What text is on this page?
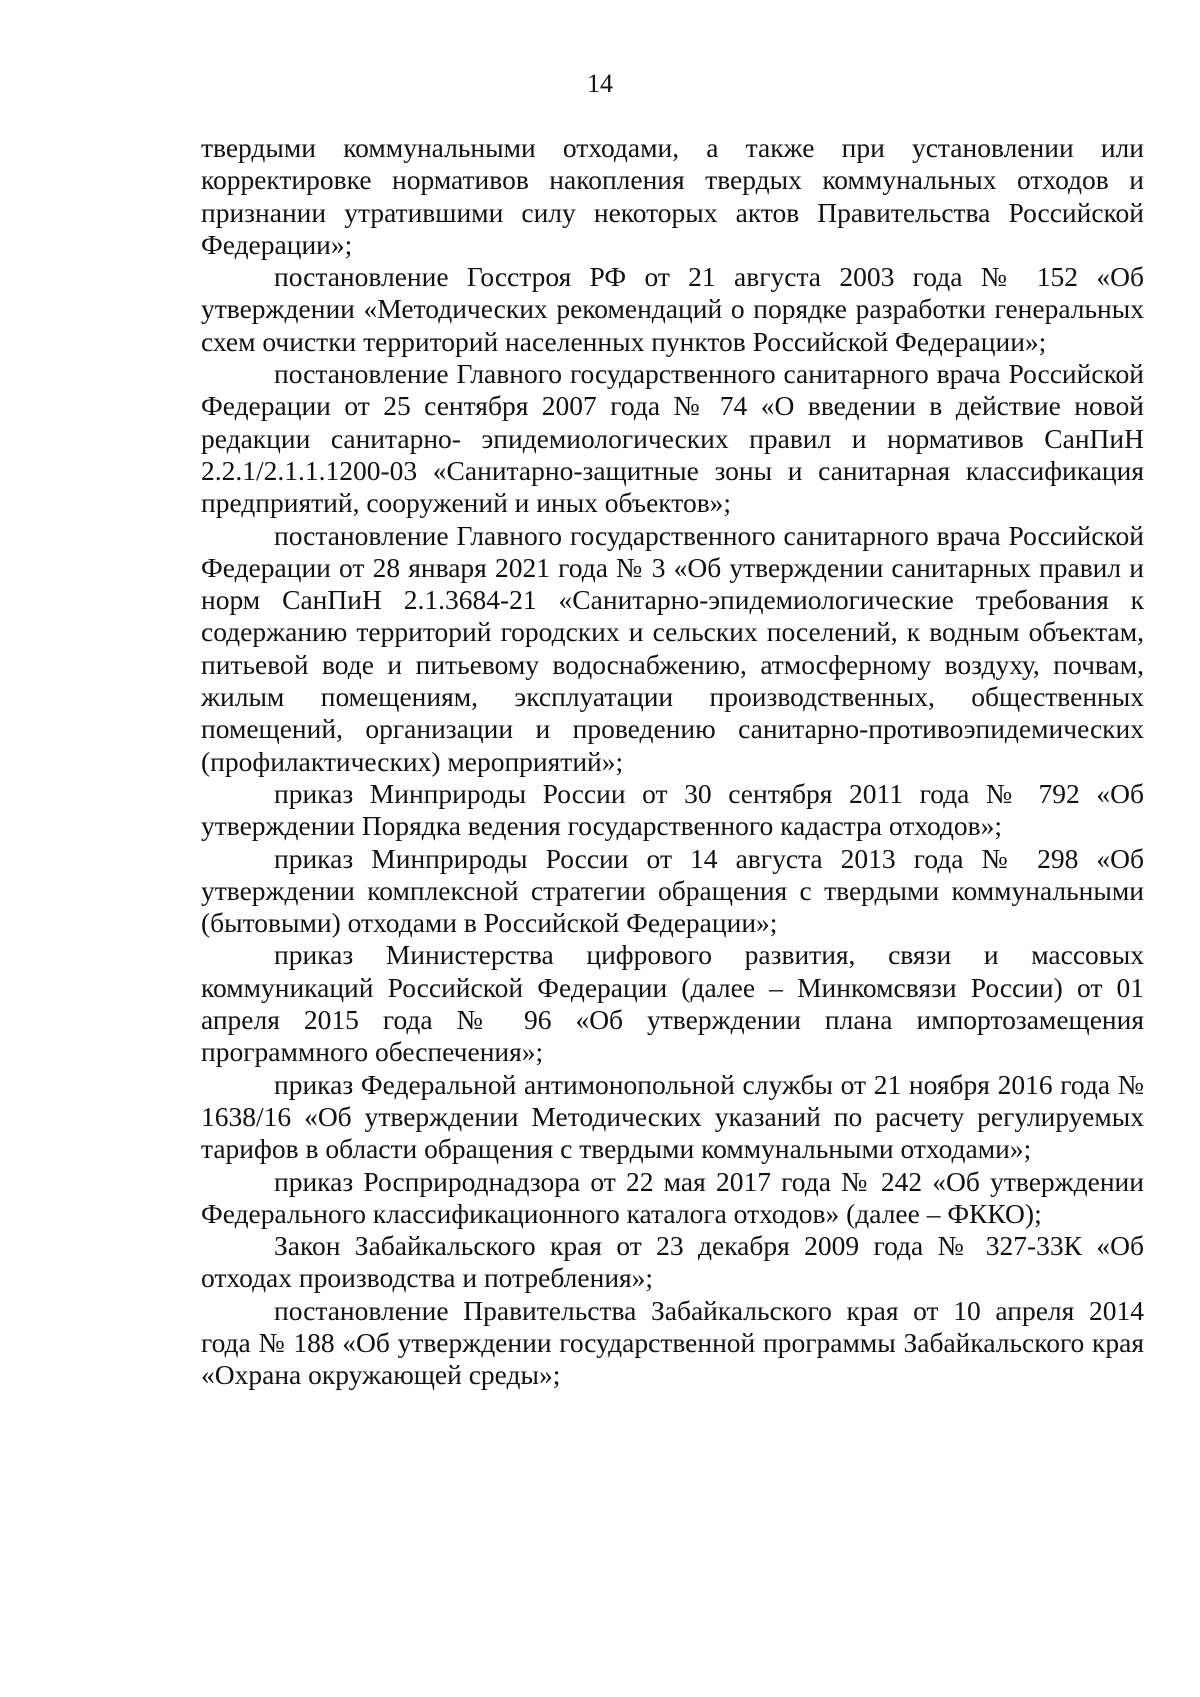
14

твердыми коммунальными отходами, а также при установлении или корректировке нормативов накопления твердых коммунальных отходов и признании утратившими силу некоторых актов Правительства Российской Федерации»;

постановление Госстроя РФ от 21 августа 2003 года № 152 «Об утверждении «Методических рекомендаций о порядке разработки генеральных схем очистки территорий населенных пунктов Российской Федерации»;

постановление Главного государственного санитарного врача Российской Федерации от 25 сентября 2007 года № 74 «О введении в действие новой редакции санитарно- эпидемиологических правил и нормативов СанПиН 2.2.1/2.1.1.1200-03 «Санитарно-защитные зоны и санитарная классификация предприятий, сооружений и иных объектов»;

постановление Главного государственного санитарного врача Российской Федерации от 28 января 2021 года № 3 «Об утверждении санитарных правил и норм СанПиН 2.1.3684-21 «Санитарно-эпидемиологические требования к содержанию территорий городских и сельских поселений, к водным объектам, питьевой воде и питьевому водоснабжению, атмосферному воздуху, почвам, жилым помещениям, эксплуатации производственных, общественных помещений, организации и проведению санитарно-противоэпидемических (профилактических) мероприятий»;

приказ Минприроды России от 30 сентября 2011 года № 792 «Об утверждении Порядка ведения государственного кадастра отходов»;

приказ Минприроды России от 14 августа 2013 года № 298 «Об утверждении комплексной стратегии обращения с твердыми коммунальными (бытовыми) отходами в Российской Федерации»;

приказ Министерства цифрового развития, связи и массовых коммуникаций Российской Федерации (далее – Минкомсвязи России) от 01 апреля 2015 года № 96 «Об утверждении плана импортозамещения программного обеспечения»;

приказ Федеральной антимонопольной службы от 21 ноября 2016 года № 1638/16 «Об утверждении Методических указаний по расчету регулируемых тарифов в области обращения с твердыми коммунальными отходами»;

приказ Росприроднадзора от 22 мая 2017 года № 242 «Об утверждении Федерального классификационного каталога отходов» (далее – ФККО);

Закон Забайкальского края от 23 декабря 2009 года № 327-33К «Об отходах производства и потребления»;

постановление Правительства Забайкальского края от 10 апреля 2014 года № 188 «Об утверждении государственной программы Забайкальского края «Охрана окружающей среды»;
